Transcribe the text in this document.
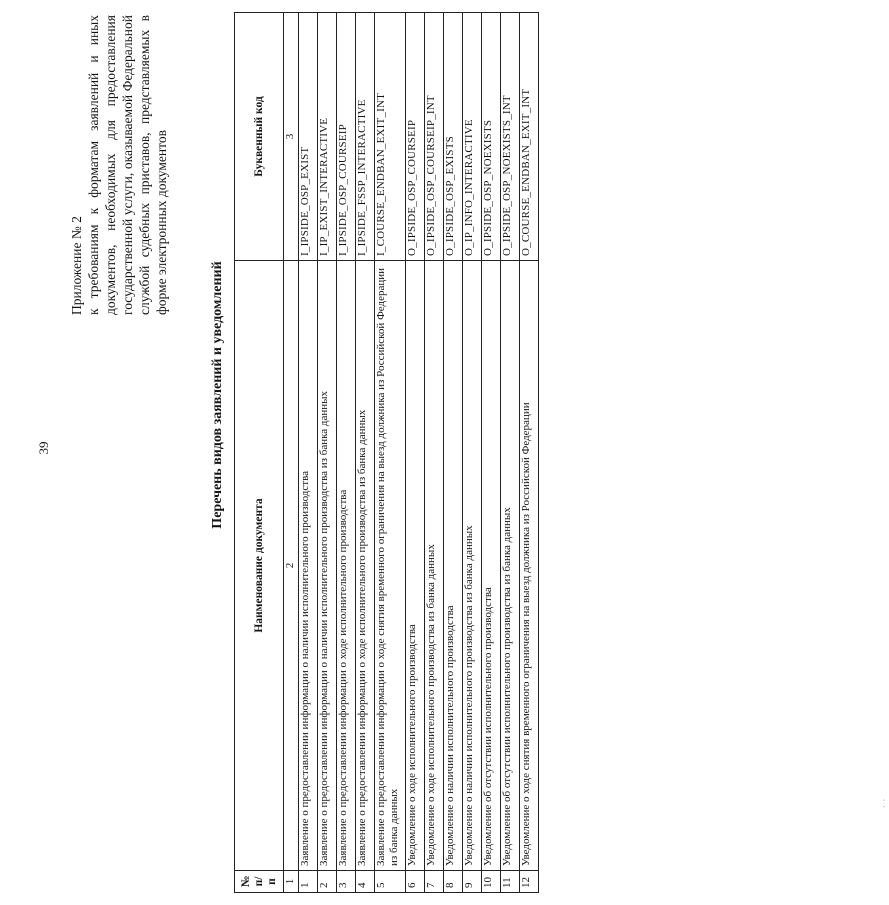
39
Приложение № 2 к требованиям к форматам заявлений и иных документов, необходимых для предоставления государственной услуги, оказываемой Федеральной службой судебных приставов, представляемых в форме электронных документов
Перечень видов заявлений и уведомлений
№ п/п	Наименование документа	Буквенный код
1	2	3
1	Заявление о предоставлении информации о наличии исполнительного производства	I_IPSIDE_OSP_EXIST
2	Заявление о предоставлении информации о наличии исполнительного производства из банка данных	I_IP_EXIST_INTERACTIVE
3	Заявление о предоставлении информации о ходе исполнительного производства	I_IPSIDE_OSP_COURSEIP
4	Заявление о предоставлении информации о ходе исполнительного производства из банка данных	I_IPSIDE_FSSP_INTERACTIVE
5	Заявление о предоставлении информации о ходе снятия временного ограничения на выезд должника из Российской Федерации из банка данных	I_COURSE_ENDBAN_EXIT_INT
6	Уведомление о ходе исполнительного производства	O_IPSIDE_OSP_COURSEIP
7	Уведомление о ходе исполнительного производства из банка данных	O_IPSIDE_OSP_COURSEIP_INT
8	Уведомление о наличии исполнительного производства	O_IPSIDE_OSP_EXISTS
9	Уведомление о наличии исполнительного производства из банка данных	O_IP_INFO_INTERACTIVE
10	Уведомление об отсутствии исполнительного производства	O_IPSIDE_OSP_NOEXISTS
11	Уведомление об отсутствии исполнительного производства из банка данных	O_IPSIDE_OSP_NOEXISTS_INT
12	Уведомление о ходе снятия временного ограничения на выезд должника из Российской Федерации	O_COURSE_ENDBAN_EXIT_INT
· ·
